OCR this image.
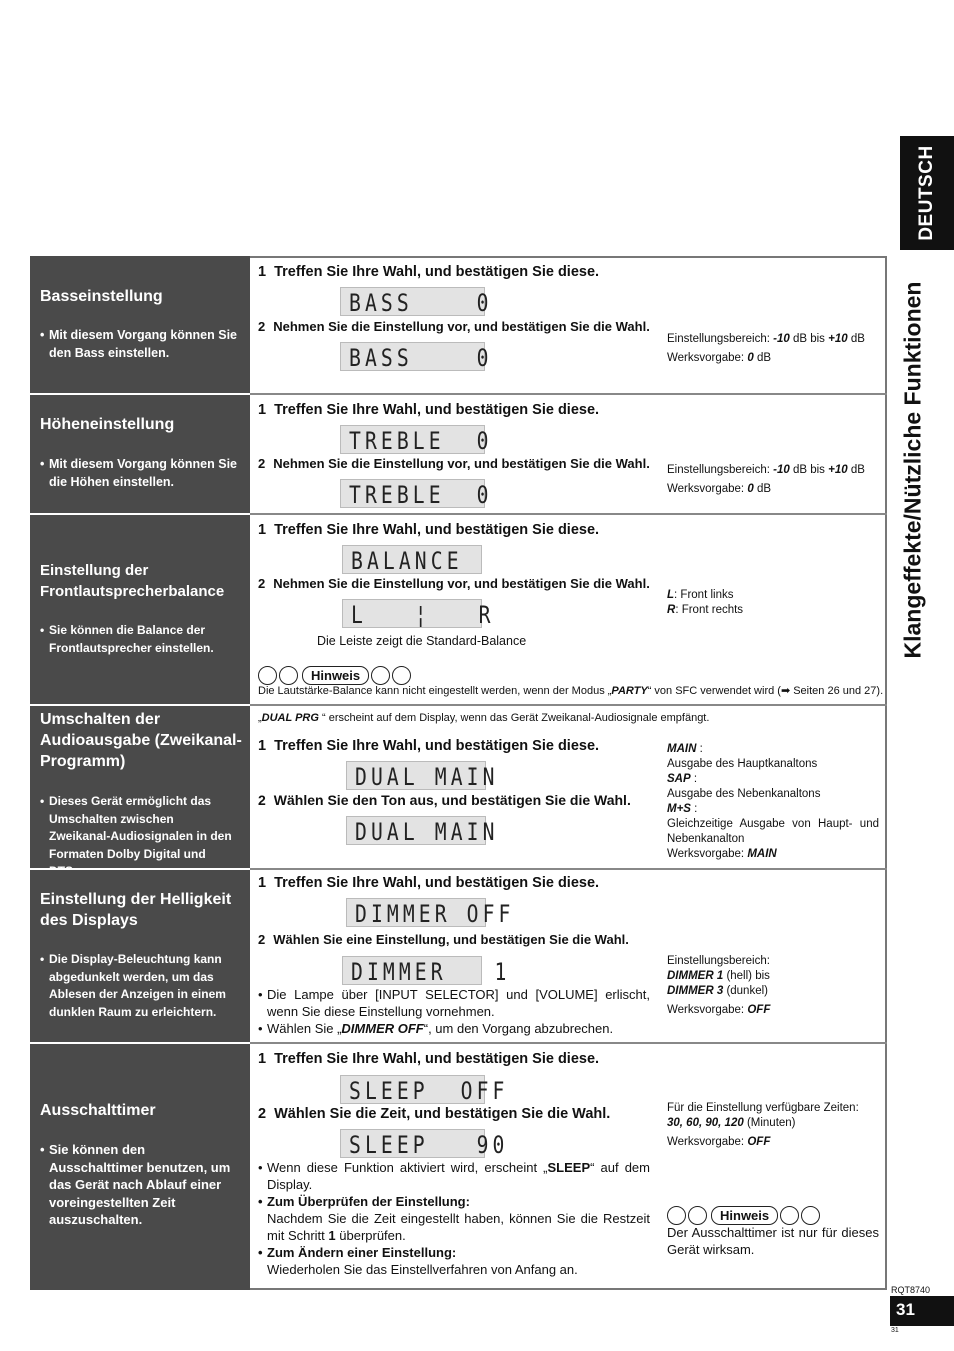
DEUTSCH
Klangeffekte/Nützliche Funktionen
Basseinstellung
• Mit diesem Vorgang können Sie den Bass einstellen.
1 Treffen Sie Ihre Wahl, und bestätigen Sie diese.
BASS    0
2 Nehmen Sie die Einstellung vor, und bestätigen Sie die Wahl.
BASS    0
Einstellungsbereich: -10 dB bis +10 dB
Werksvorgabe: 0 dB
Höheneinstellung
• Mit diesem Vorgang können Sie die Höhen einstellen.
1 Treffen Sie Ihre Wahl, und bestätigen Sie diese.
TREBLE  0
2 Nehmen Sie die Einstellung vor, und bestätigen Sie die Wahl.
TREBLE  0
Einstellungsbereich: -10 dB bis +10 dB
Werksvorgabe: 0 dB
Einstellung der Frontlautsprecherbalance
• Sie können die Balance der Frontlautsprecher einstellen.
1 Treffen Sie Ihre Wahl, und bestätigen Sie diese.
BALANCE
2 Nehmen Sie die Einstellung vor, und bestätigen Sie die Wahl.
L   ¦   R
Die Leiste zeigt die Standard-Balance
L: Front links
R: Front rechts
Hinweis
Die Lautstärke-Balance kann nicht eingestellt werden, wenn der Modus „PARTY“ von SFC verwendet wird (➡ Seiten 26 und 27).
Umschalten der Audioausgabe (Zweikanal-Programm)
• Dieses Gerät ermöglicht das Umschalten zwischen Zweikanal-Audiosignalen in den Formaten Dolby Digital und
„DUAL PRG “ erscheint auf dem Display, wenn das Gerät Zweikanal-Audiosignale empfängt.
1 Treffen Sie Ihre Wahl, und bestätigen Sie diese.
DUAL MAIN
2 Wählen Sie den Ton aus, und bestätigen Sie die Wahl.
DUAL MAIN
MAIN :
Ausgabe des Hauptkanaltons
SAP :
Ausgabe des Nebenkanaltons
M+S :
Gleichzeitige Ausgabe von Haupt- und Nebenkanalton
Werksvorgabe: MAIN
Einstellung der Helligkeit des Displays
• Die Display-Beleuchtung kann abgedunkelt werden, um das Ablesen der Anzeigen in einem dunklen Raum zu erleichtern.
1 Treffen Sie Ihre Wahl, und bestätigen Sie diese.
DIMMER OFF
2 Wählen Sie eine Einstellung, und bestätigen Sie die Wahl.
DIMMER   1
• Die Lampe über [INPUT SELECTOR] und [VOLUME] erlischt, wenn Sie diese Einstellung vornehmen.
• Wählen Sie „DIMMER OFF“, um den Vorgang abzubrechen.
Einstellungsbereich:
DIMMER 1 (hell) bis
DIMMER 3 (dunkel)
Werksvorgabe: OFF
Ausschalttimer
• Sie können den Ausschalttimer benutzen, um das Gerät nach Ablauf einer voreingestellten Zeit auszuschalten.
1 Treffen Sie Ihre Wahl, und bestätigen Sie diese.
SLEEP  OFF
2 Wählen Sie die Zeit, und bestätigen Sie die Wahl.
SLEEP   90
• Wenn diese Funktion aktiviert wird, erscheint „SLEEP“ auf dem Display.
• Zum Überprüfen der Einstellung:
Nachdem Sie die Zeit eingestellt haben, können Sie die Restzeit mit Schritt 1 überprüfen.
• Zum Ändern einer Einstellung:
Wiederholen Sie das Einstellverfahren von Anfang an.
Für die Einstellung verfügbare Zeiten:
30, 60, 90, 120 (Minuten)
Werksvorgabe: OFF
Hinweis
Der Ausschalttimer ist nur für dieses Gerät wirksam.
RQT8740
31
31
